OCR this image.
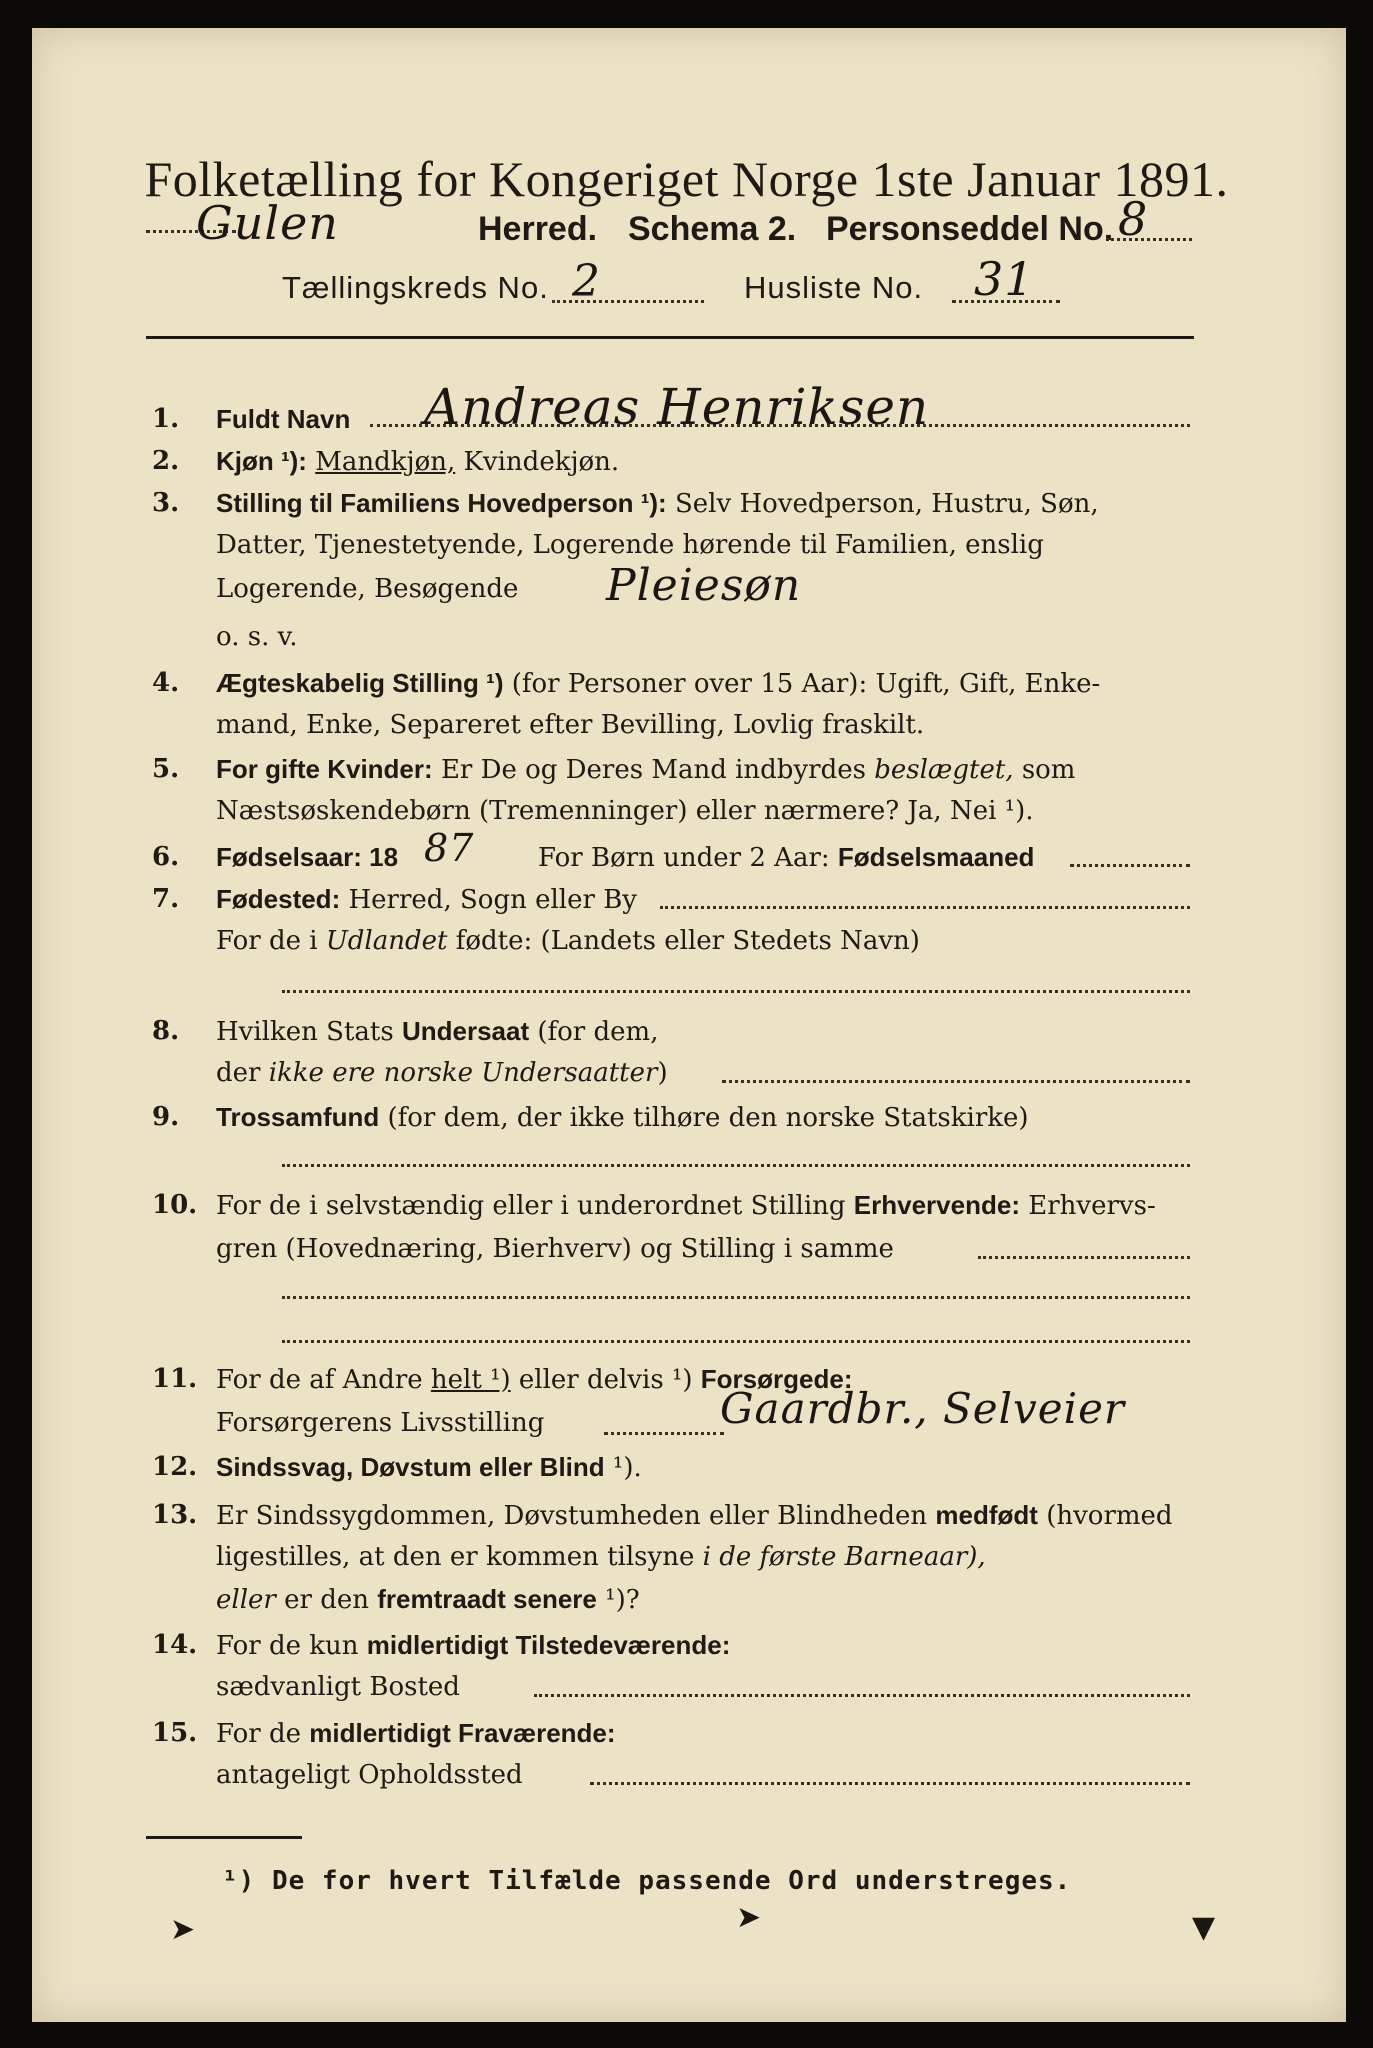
Folketælling for Kongeriget Norge 1ste Januar 1891.
Gulen	Herred. Schema 2. Personseddel No. 8
Tællingskreds No. 2	Husliste No. 31
1. Fuldt Navn Andreas Henriksen
2. Kjøn ¹): Mandkjøn, Kvindekjøn.
3. Stilling til Familiens Hovedperson ¹): Selv Hovedperson, Hustru, Søn,
Datter, Tjenestetyende, Logerende hørende til Familien, enslig
Logerende, Besøgende Pleiesøn
o. s. v.
4. Ægteskabelig Stilling ¹) (for Personer over 15 Aar): Ugift, Gift, Enke-
mand, Enke, Separeret efter Bevilling, Lovlig fraskilt.
5. For gifte Kvinder: Er De og Deres Mand indbyrdes beslægtet, som
Næstsøskendebørn (Tremenninger) eller nærmere? Ja, Nei ¹).
6. Fødselsaar: 18 87 For Børn under 2 Aar: Fødselsmaaned
7. Fødested: Herred, Sogn eller By
For de i Udlandet fødte: (Landets eller Stedets Navn)
8. Hvilken Stats Undersaat (for dem,
der ikke ere norske Undersaatter)
9. Trossamfund (for dem, der ikke tilhøre den norske Statskirke)
10. For de i selvstændig eller i underordnet Stilling Erhvervende: Erhvervs-
gren (Hovednæring, Bierhverv) og Stilling i samme
11. For de af Andre helt ¹) eller delvis ¹) Forsørgede:
Forsørgerens Livsstilling	Gaardbr., Selveier
12. Sindssvag, Døvstum eller Blind ¹).
13. Er Sindssygdommen, Døvstumheden eller Blindheden medfødt (hvormed
ligestilles, at den er kommen tilsyne i de første Barneaar),
eller er den fremtraadt senere ¹)?
14. For de kun midlertidigt Tilstedeværende:
sædvanligt Bosted
15. For de midlertidigt Fraværende:
antageligt Opholdssted
¹) De for hvert Tilfælde passende Ord understreges.
➤	➤	▼
